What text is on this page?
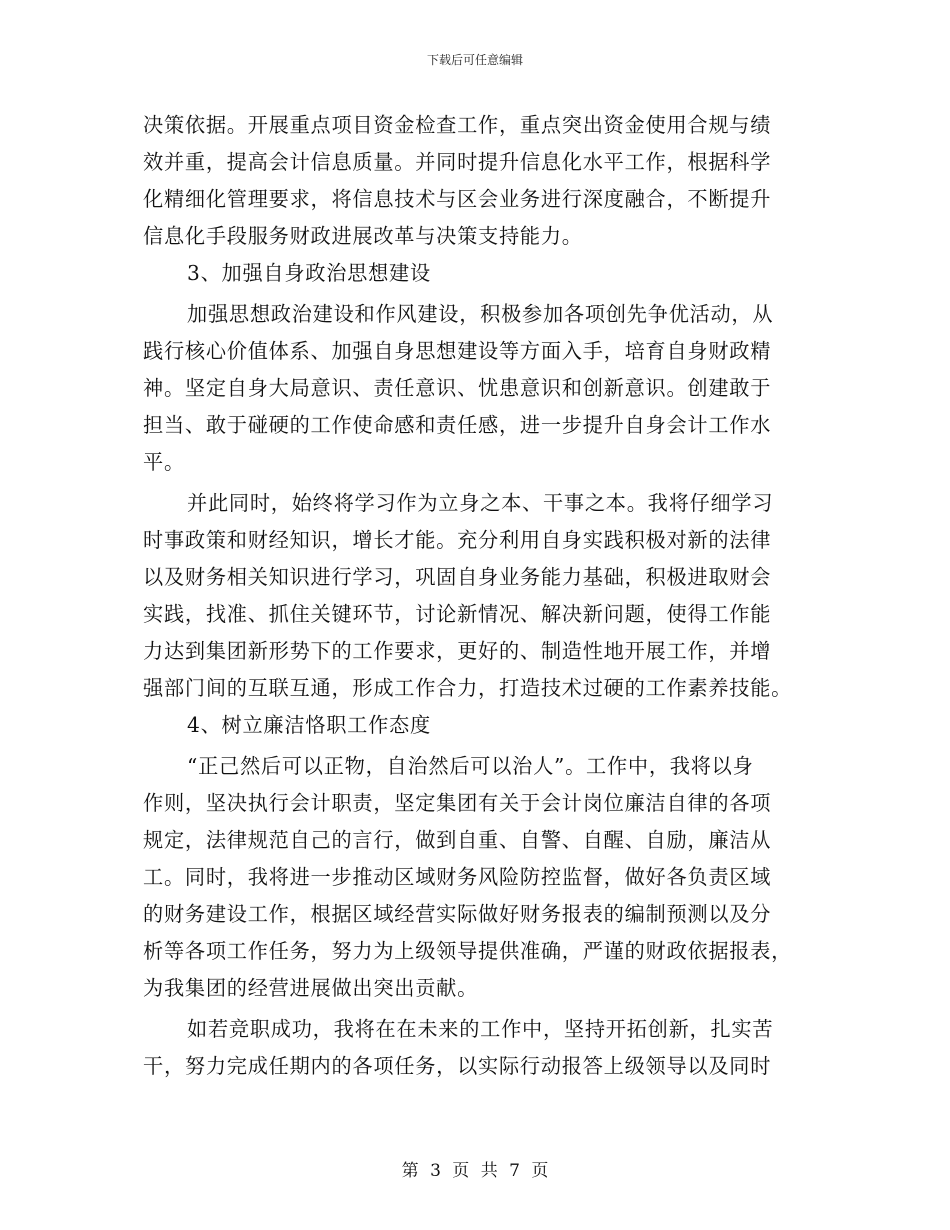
下载后可任意编辑
决策依据。开展重点项目资金检查工作，重点突出资金使用合规与绩
效并重，提高会计信息质量。并同时提升信息化水平工作，根据科学
化精细化管理要求，将信息技术与区会业务进行深度融合，不断提升
信息化手段服务财政进展改革与决策支持能力。
3、加强自身政治思想建设
加强思想政治建设和作风建设，积极参加各项创先争优活动，从
践行核心价值体系、加强自身思想建设等方面入手，培育自身财政精
神。坚定自身大局意识、责任意识、忧患意识和创新意识。创建敢于
担当、敢于碰硬的工作使命感和责任感，进一步提升自身会计工作水
平。
并此同时，始终将学习作为立身之本、干事之本。我将仔细学习
时事政策和财经知识，增长才能。充分利用自身实践积极对新的法律
以及财务相关知识进行学习，巩固自身业务能力基础，积极进取财会
实践，找准、抓住关键环节，讨论新情况、解决新问题，使得工作能
力达到集团新形势下的工作要求，更好的、制造性地开展工作，并增
强部门间的互联互通，形成工作合力，打造技术过硬的工作素养技能。
4、树立廉洁恪职工作态度
“正己然后可以正物，自治然后可以治人”。工作中，我将以身
作则，坚决执行会计职责，坚定集团有关于会计岗位廉洁自律的各项
规定，法律规范自己的言行，做到自重、自警、自醒、自励，廉洁从
工。同时，我将进一步推动区域财务风险防控监督，做好各负责区域
的财务建设工作，根据区域经营实际做好财务报表的编制预测以及分
析等各项工作任务，努力为上级领导提供准确，严谨的财政依据报表，
为我集团的经营进展做出突出贡献。
如若竞职成功，我将在在未来的工作中，坚持开拓创新，扎实苦
干，努力完成任期内的各项任务，以实际行动报答上级领导以及同时
第 3 页 共 7 页
